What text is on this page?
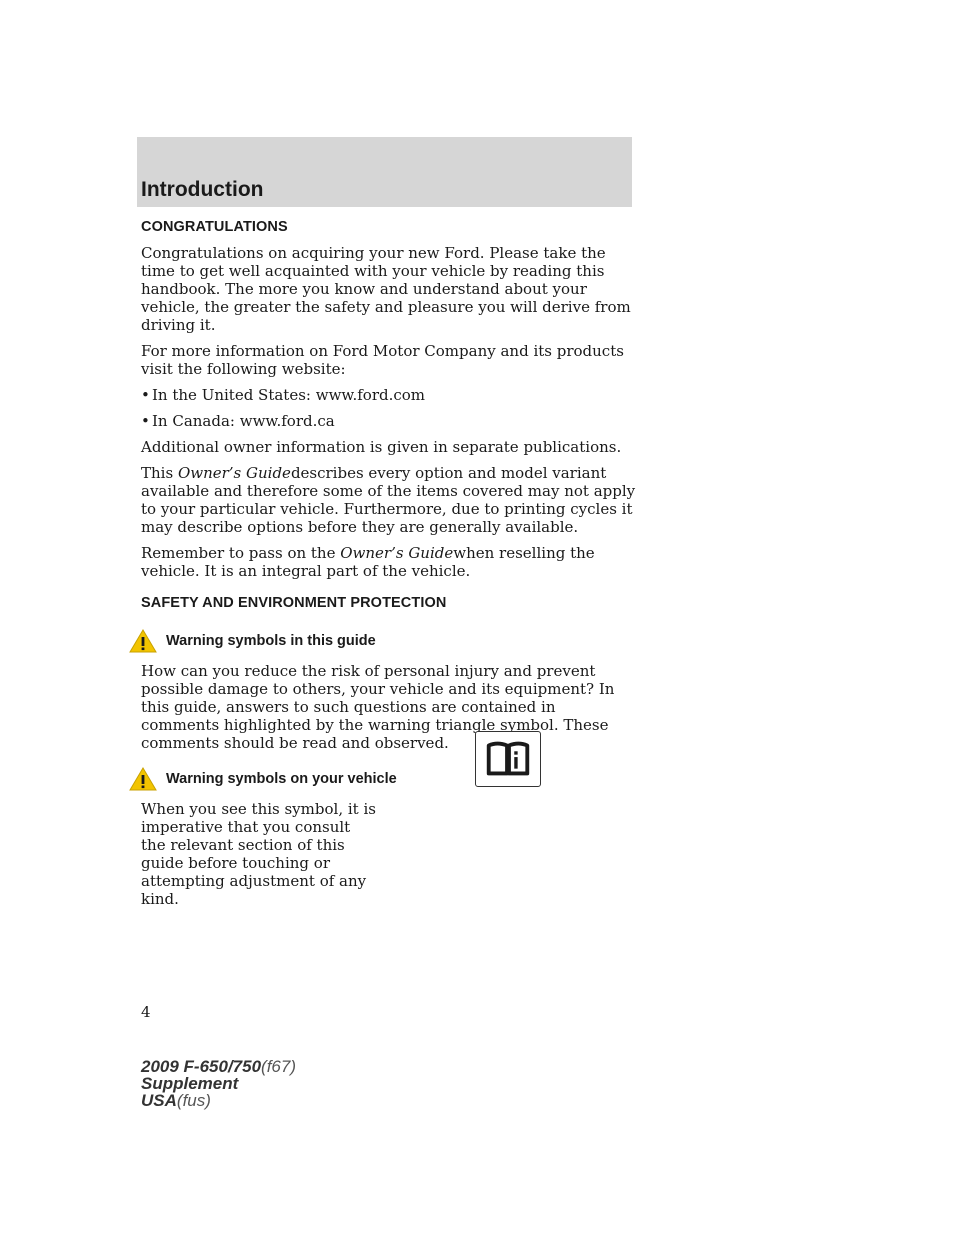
Introduction
CONGRATULATIONS

Congratulations on acquiring your new Ford. Please take the time to get well acquainted with your vehicle by reading this handbook. The more you know and understand about your vehicle, the greater the safety and pleasure you will derive from driving it.

For more information on Ford Motor Company and its products visit the following website:

• In the United States: www.ford.com
• In Canada: www.ford.ca

Additional owner information is given in separate publications.

This Owner’s Guidedescribes every option and model variant available and therefore some of the items covered may not apply to your particular vehicle. Furthermore, due to printing cycles it may describe options before they are generally available.

Remember to pass on the Owner’s Guidewhen reselling the vehicle. It is an integral part of the vehicle.

SAFETY AND ENVIRONMENT PROTECTION
Warning symbols in this guide

How can you reduce the risk of personal injury and prevent possible damage to others, your vehicle and its equipment? In this guide, answers to such questions are contained in comments highlighted by the warning triangle symbol. These comments should be read and observed.

Warning symbols on your vehicle

When you see this symbol, it is imperative that you consult the relevant section of this guide before touching or attempting adjustment of any kind.

4

2009 F-650/750(f67)
Supplement
USA(fus)
